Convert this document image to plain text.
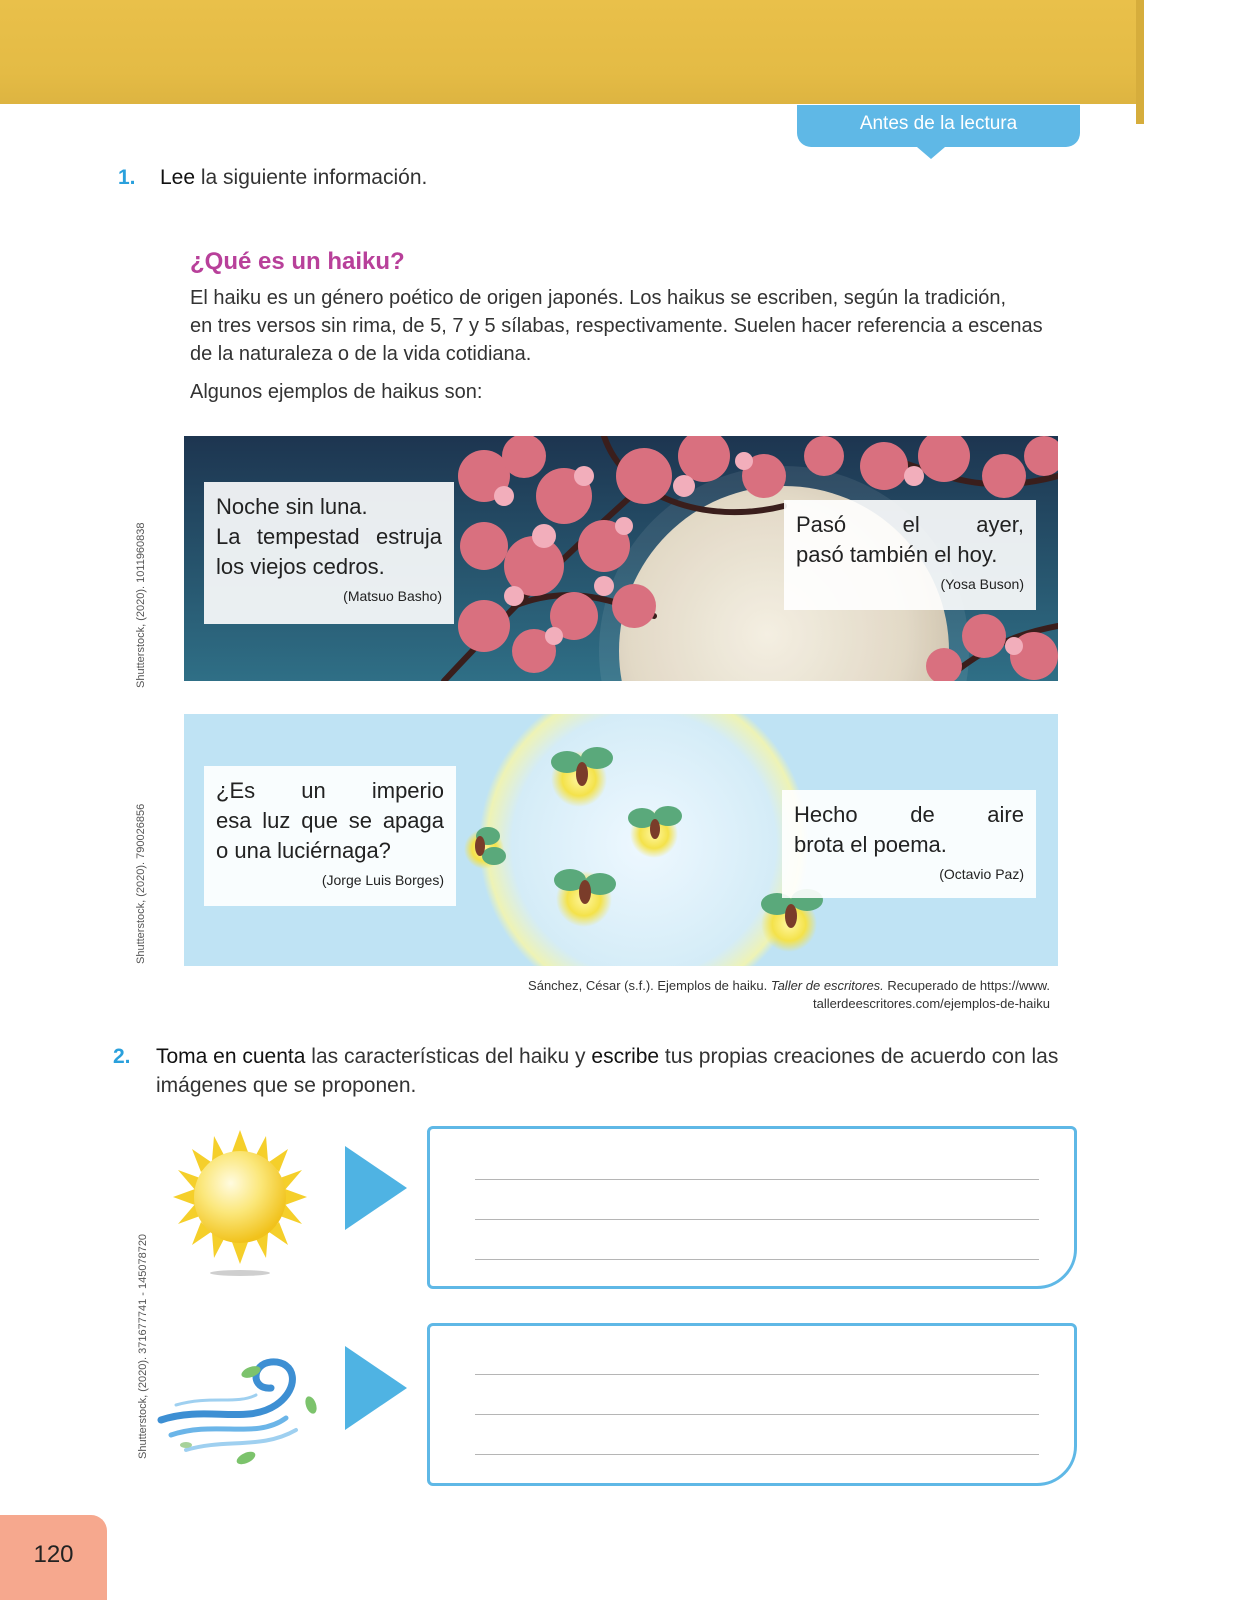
Antes de la lectura
1. Lee la siguiente información.
¿Qué es un haiku?
El haiku es un género poético de origen japonés. Los haikus se escriben, según la tradición,
en tres versos sin rima, de 5, 7 y 5 sílabas, respectivamente. Suelen hacer referencia a escenas
de la naturaleza o de la vida cotidiana.
Algunos ejemplos de haikus son:
Noche sin luna.
La tempestad estruja
los viejos cedros.
(Matsuo Basho)
Pasó el ayer,
pasó también el hoy.
(Yosa Buson)
¿Es un imperio
esa luz que se apaga
o una luciérnaga?
(Jorge Luis Borges)
Hecho de aire
brota el poema.
(Octavio Paz)
Sánchez, César (s.f.). Ejemplos de haiku. Taller de escritores. Recuperado de https://www.
tallerdeescritores.com/ejemplos-de-haiku
Shutterstock, (2020). 1011960838
Shutterstock, (2020). 790026856
Shutterstock, (2020). 371677741 - 145078720
2. Toma en cuenta las características del haiku y escribe tus propias creaciones de acuerdo con las
imágenes que se proponen.
120
